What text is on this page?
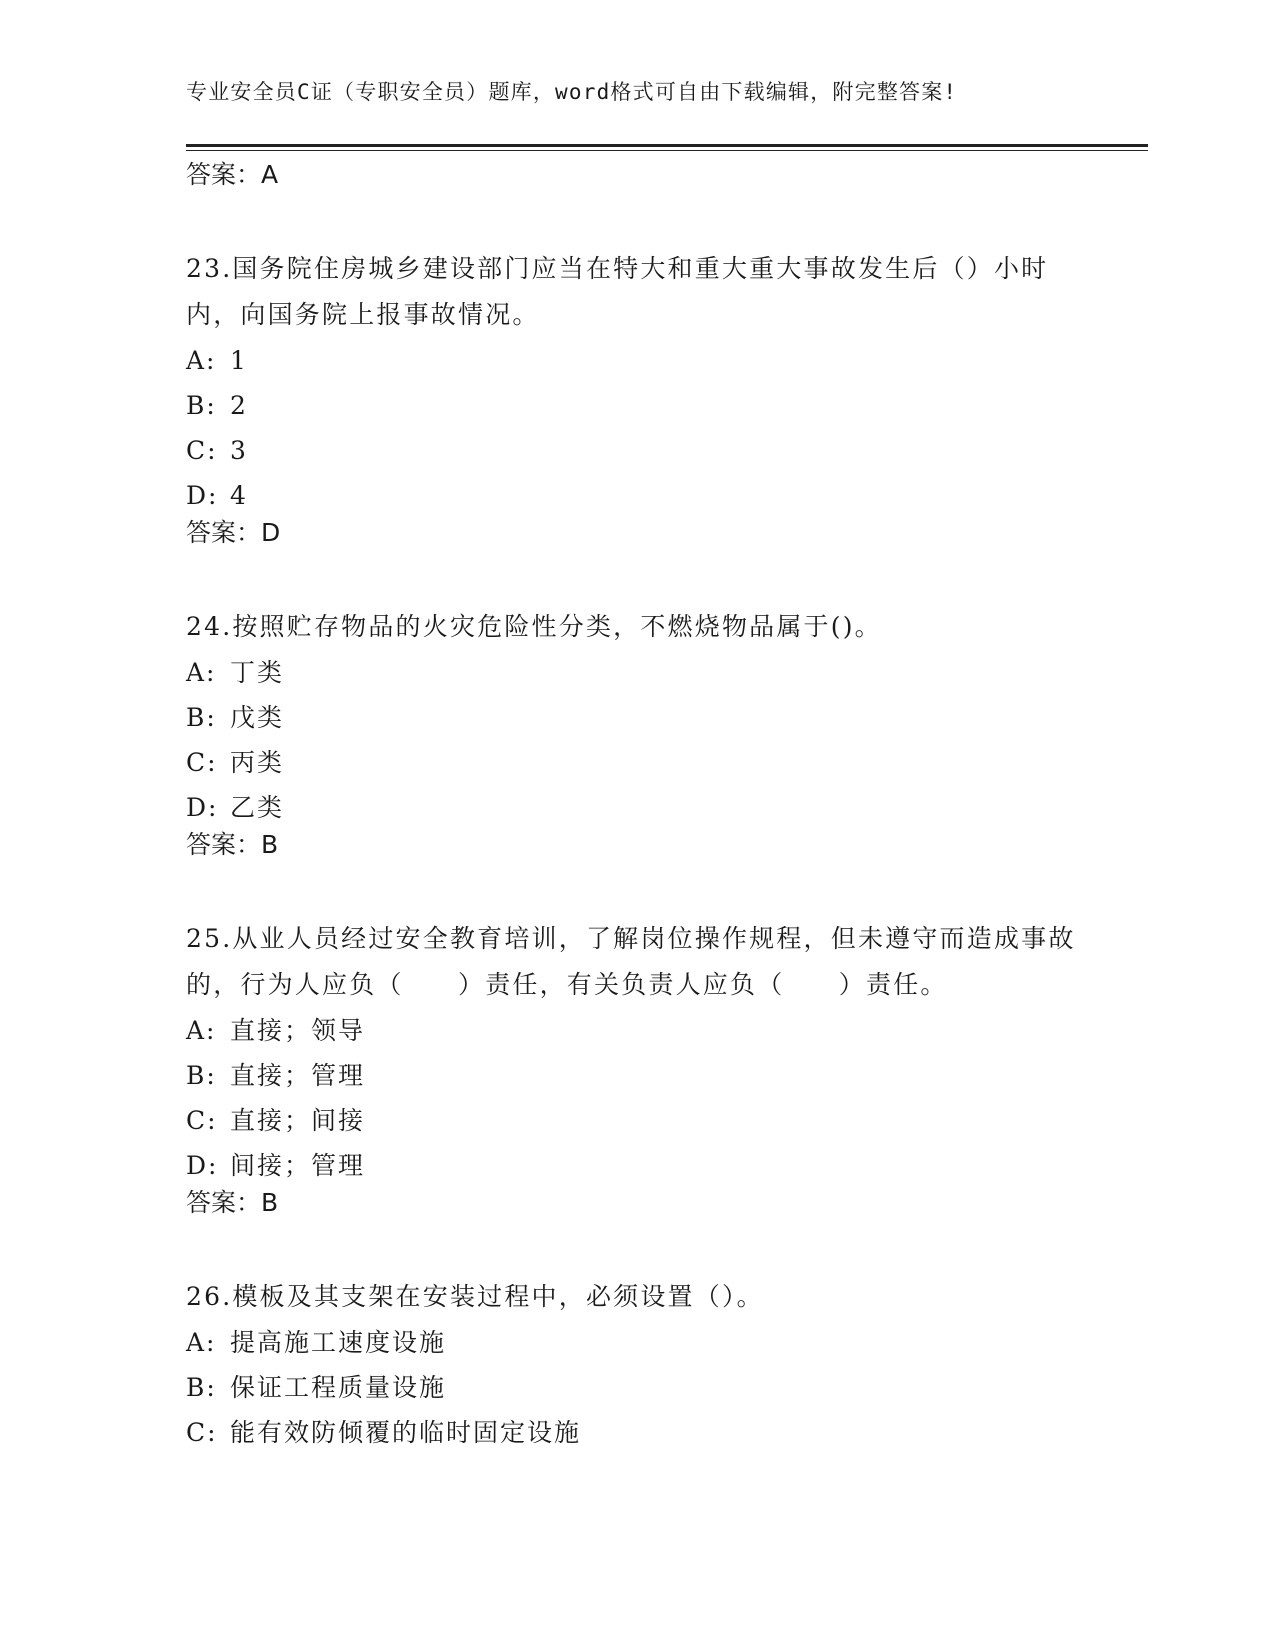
专业安全员C证（专职安全员）题库，word格式可自由下载编辑，附完整答案!

答案：A

23.国务院住房城乡建设部门应当在特大和重大重大事故发生后（）小时内，向国务院上报事故情况。

A: 1

B: 2

C: 3

D: 4

答案：D

24.按照贮存物品的火灾危险性分类，不燃烧物品属于()。

A: 丁类

B: 戊类

C: 丙类

D: 乙类

答案：B

25.从业人员经过安全教育培训，了解岗位操作规程，但未遵守而造成事故的，行为人应负（　　）责任，有关负责人应负（　　）责任。

A: 直接；领导

B: 直接；管理

C: 直接；间接

D: 间接；管理

答案：B

26.模板及其支架在安装过程中，必须设置（）。

A: 提高施工速度设施

B: 保证工程质量设施

C: 能有效防倾覆的临时固定设施
